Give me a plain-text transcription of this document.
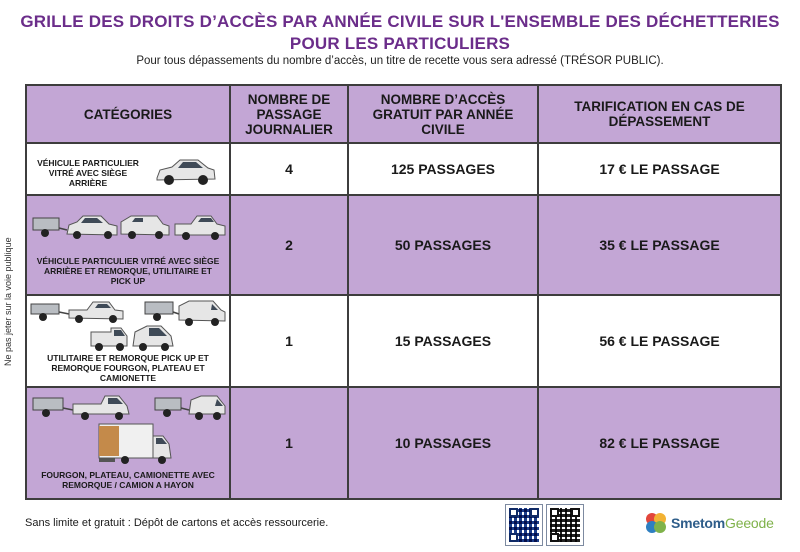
GRILLE DES DROITS D’ACCÈS PAR ANNÉE CIVILE SUR L'ENSEMBLE DES DÉCHETTERIES
POUR LES PARTICULIERS
Pour tous dépassements du nombre d’accès, un titre de recette vous sera adressé (TRÉSOR PUBLIC).
Ne pas jeter sur la voie publique
CATÉGORIES	NOMBRE DE PASSAGE JOURNALIER	NOMBRE D’ACCÈS GRATUIT PAR ANNÉE CIVILE	TARIFICATION EN CAS DE DÉPASSEMENT

VÉHICULE PARTICULIER VITRÉ AVEC SIÈGE ARRIÈRE	4	125 PASSAGES	17 € LE PASSAGE

VÉHICULE PARTICULIER VITRÉ AVEC SIÈGE ARRIÈRE ET REMORQUE, UTILITAIRE ET PICK UP	2	50 PASSAGES	35 € LE PASSAGE

UTILITAIRE ET REMORQUE PICK UP ET REMORQUE FOURGON, PLATEAU ET CAMIONETTE	1	15 PASSAGES	56 € LE PASSAGE

FOURGON, PLATEAU, CAMIONETTE AVEC REMORQUE / CAMION A HAYON	1	10 PASSAGES	82 € LE PASSAGE
Sans limite et gratuit : Dépôt de cartons et accès ressourcerie.	SmetomGeeode
